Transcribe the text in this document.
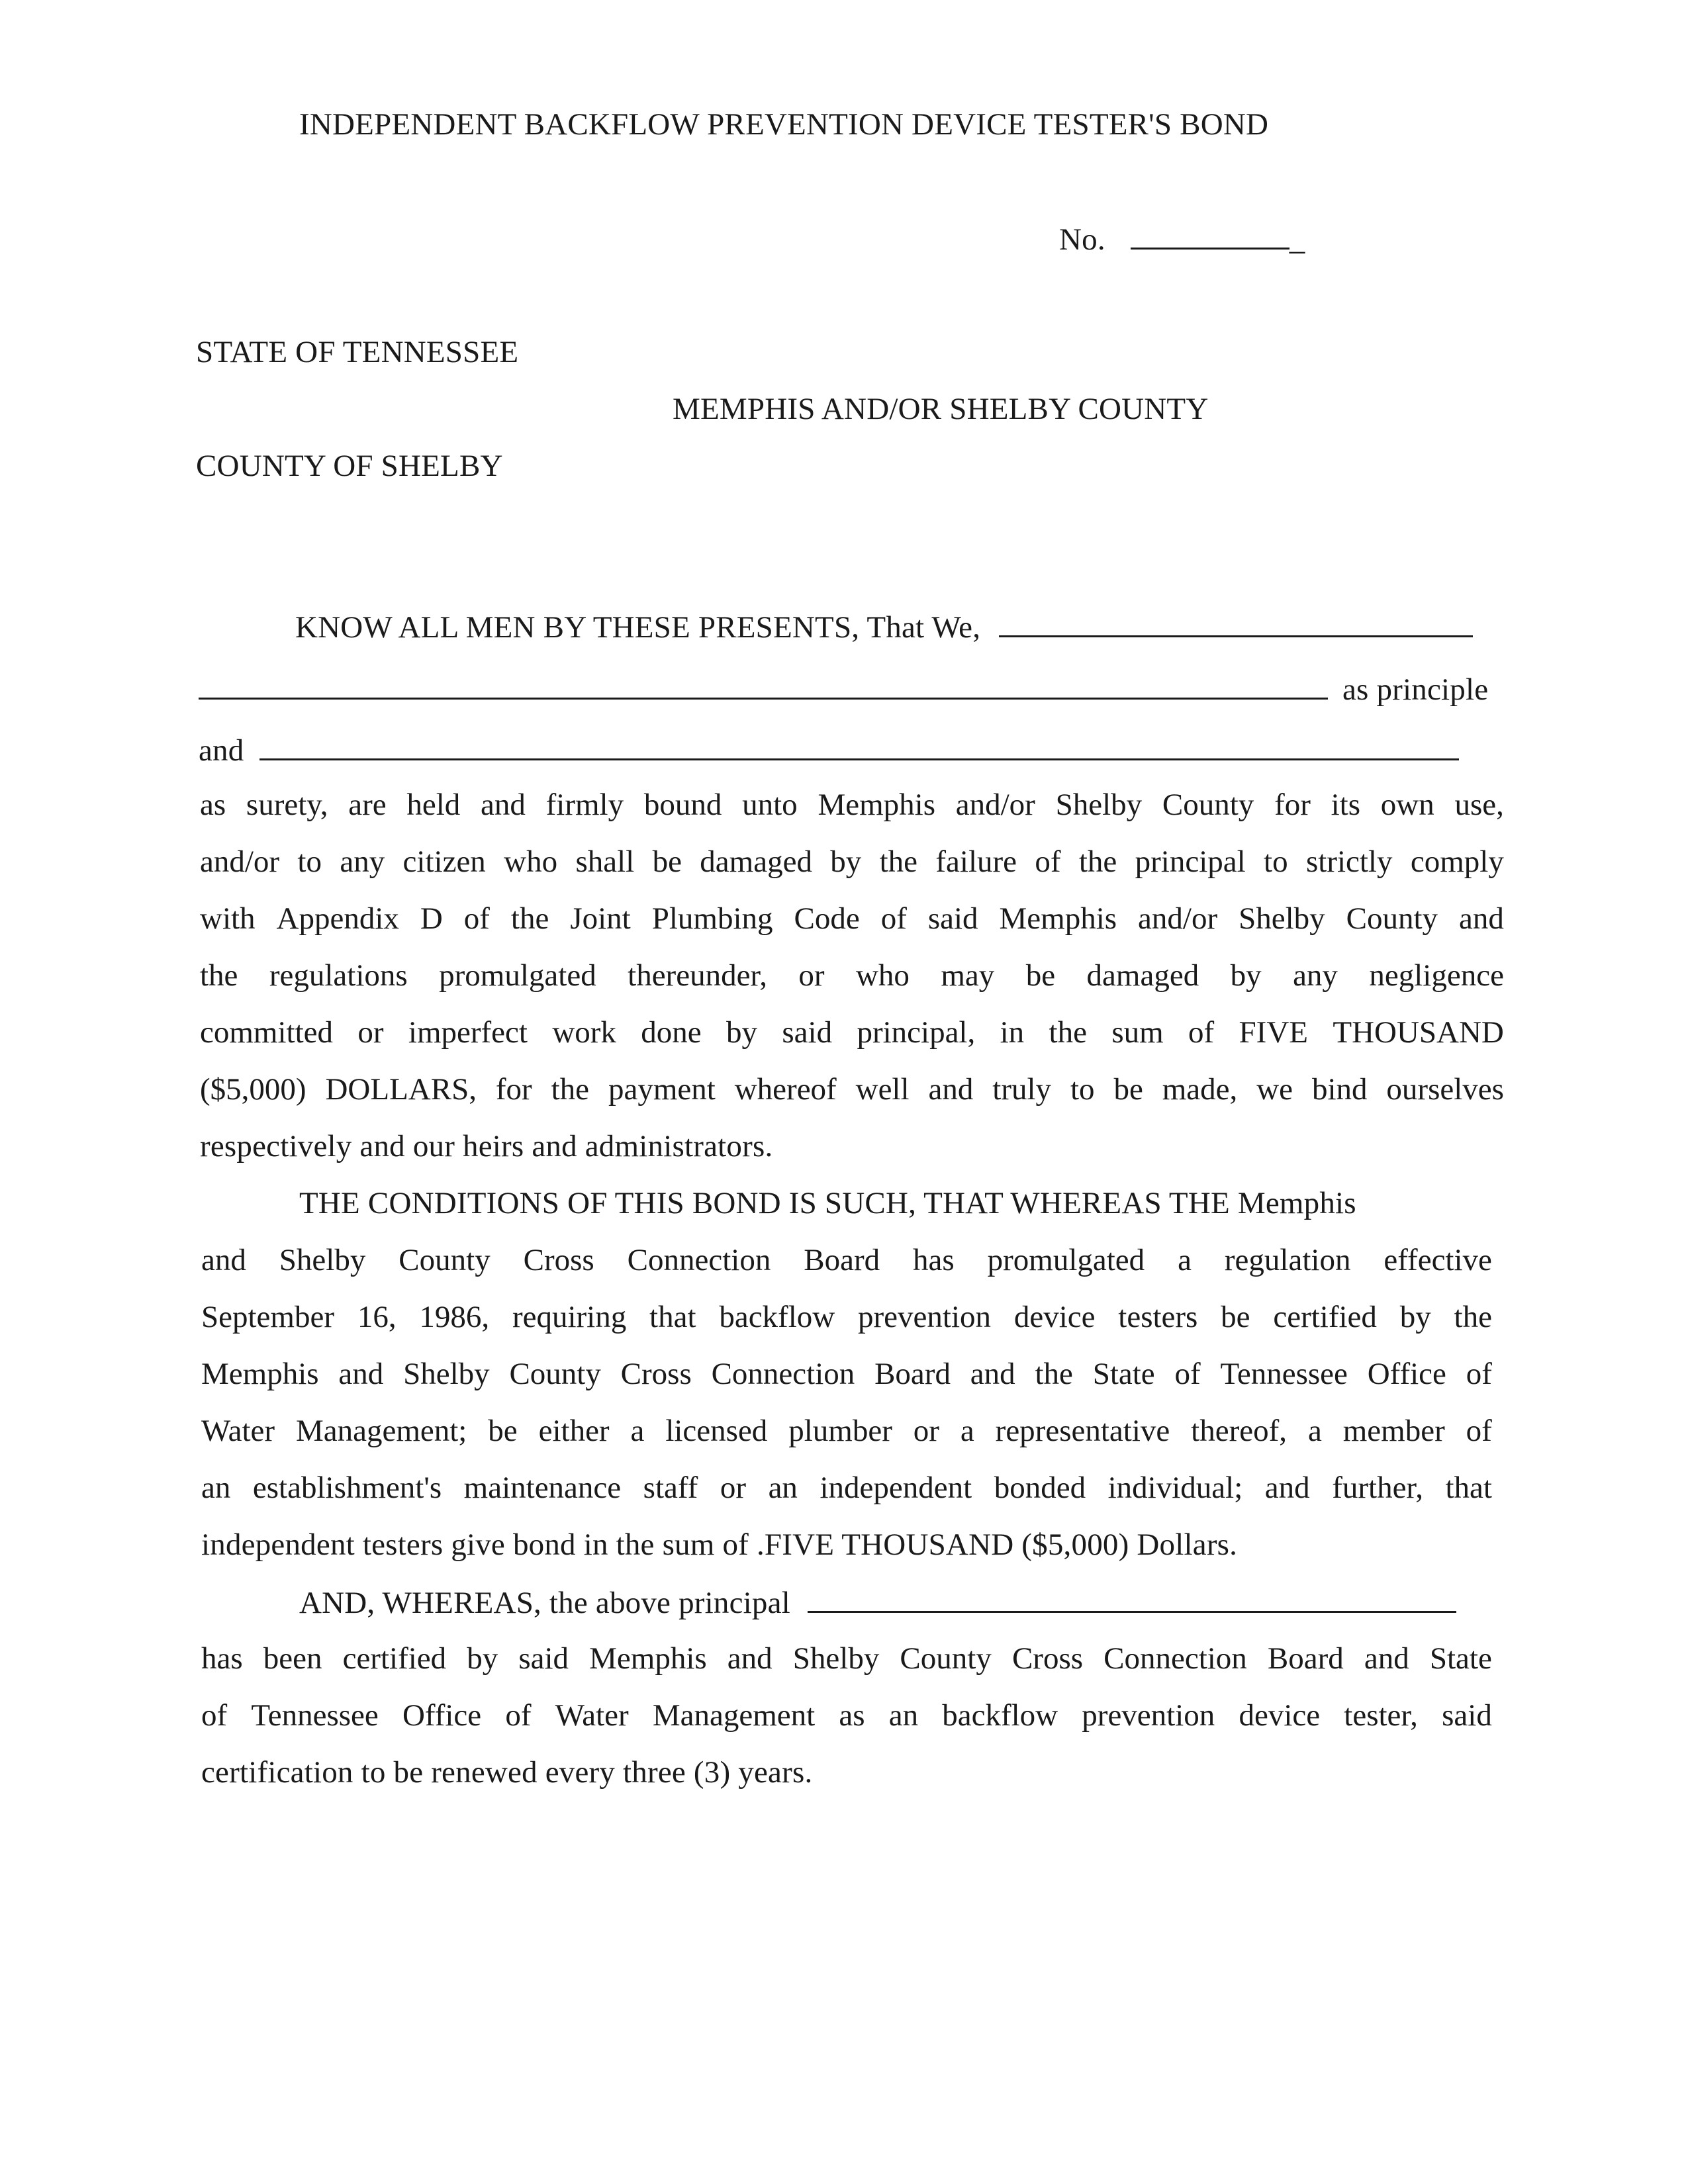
INDEPENDENT BACKFLOW PREVENTION DEVICE TESTER'S BOND
No.	_
STATE OF TENNESSEE
MEMPHIS AND/OR SHELBY COUNTY
COUNTY OF SHELBY
KNOW ALL MEN BY THESE PRESENTS, That We,
as principle
and
as surety, are held and firmly bound unto Memphis and/or Shelby County for its own use,
and/or to any citizen who shall be damaged by the failure of the principal to strictly comply
with Appendix D of the Joint Plumbing Code of said Memphis and/or Shelby County and
the regulations promulgated thereunder, or who may be damaged by any negligence
committed or imperfect work done by said principal, in the sum of FIVE THOUSAND
($5,000) DOLLARS, for the payment whereof well and truly to be made, we bind ourselves
respectively and our heirs and administrators.
THE CONDITIONS OF THIS BOND IS SUCH, THAT WHEREAS THE Memphis
and Shelby County Cross Connection Board has promulgated a regulation effective
September 16, 1986, requiring that backflow prevention device testers be certified by the
Memphis and Shelby County Cross Connection Board and the State of Tennessee Office of
Water Management; be either a licensed plumber or a representative thereof, a member of
an establishment's maintenance staff or an independent bonded individual; and further, that
independent testers give bond in the sum of .FIVE THOUSAND ($5,000) Dollars.
AND, WHEREAS, the above principal
has been certified by said Memphis and Shelby County Cross Connection Board and State
of Tennessee Office of Water Management as an backflow prevention device tester, said
certification to be renewed every three (3) years.
